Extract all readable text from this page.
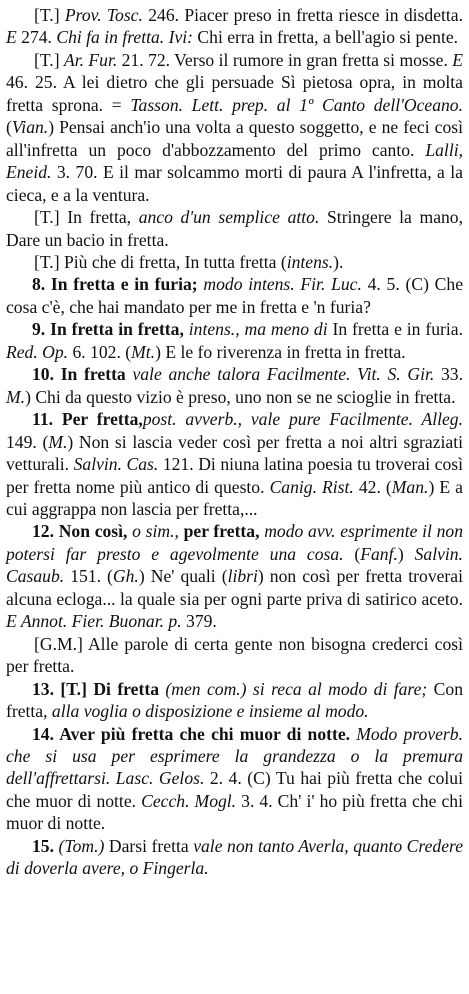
[T.] Prov. Tosc. 246. Piacer preso in fretta riesce in disdetta. E 274. Chi fa in fretta. Ivi: Chi erra in fretta, a bell'agio si pente.

[T.] Ar. Fur. 21. 72. Verso il rumore in gran fretta si mosse. E 46. 25. A lei dietro che gli persuade Sì pietosa opra, in molta fretta sprona. = Tasson. Lett. prep. al 1º Canto dell'Oceano. (Vian.) Pensai anch'io una volta a questo soggetto, e ne feci così all'infretta un poco d'abbozzamento del primo canto. Lalli, Eneid. 3. 70. E il mar solcammo morti di paura A l'infretta, a la cieca, e a la ventura.

[T.] In fretta, anco d'un semplice atto. Stringere la mano, Dare un bacio in fretta.

[T.] Più che di fretta, In tutta fretta (intens.).

8. In fretta e in furia; modo intens. Fir. Luc. 4. 5. (C) Che cosa c'è, che hai mandato per me in fretta e 'n furia?

9. In fretta in fretta, intens., ma meno di In fretta e in furia. Red. Op. 6. 102. (Mt.) E le fo riverenza in fretta in fretta.

10. In fretta vale anche talora Facilmente. Vit. S. Gir. 33. M.) Chi da questo vizio è preso, uno non se ne scioglie in fretta.

11. Per fretta,post. avverb., vale pure Facilmente. Alleg. 149. (M.) Non si lascia veder così per fretta a noi altri sgraziati vetturali. Salvin. Cas. 121. Di niuna latina poesia tu troverai così per fretta nome più antico di questo. Canig. Rist. 42. (Man.) E a cui aggrappa non lascia per fretta,...

12. Non così, o sim., per fretta, modo avv. esprimente il non potersi far presto e agevolmente una cosa. (Fanf.) Salvin. Casaub. 151. (Gh.) Ne' quali (libri) non così per fretta troverai alcuna ecloga... la quale sia per ogni parte priva di satirico aceto. E Annot. Fier. Buonar. p. 379.

[G.M.] Alle parole di certa gente non bisogna crederci così per fretta.

13. [T.] Di fretta (men com.) si reca al modo di fare; Con fretta, alla voglia o disposizione e insieme al modo.

14. Aver più fretta che chi muor di notte. Modo proverb. che si usa per esprimere la grandezza o la premura dell'affrettarsi. Lasc. Gelos. 2. 4. (C) Tu hai più fretta che colui che muor di notte. Cecch. Mogl. 3. 4. Ch' i' ho più fretta che chi muor di notte.

15. (Tom.) Darsi fretta vale non tanto Averla, quanto Credere di doverla avere, o Fingerla.
